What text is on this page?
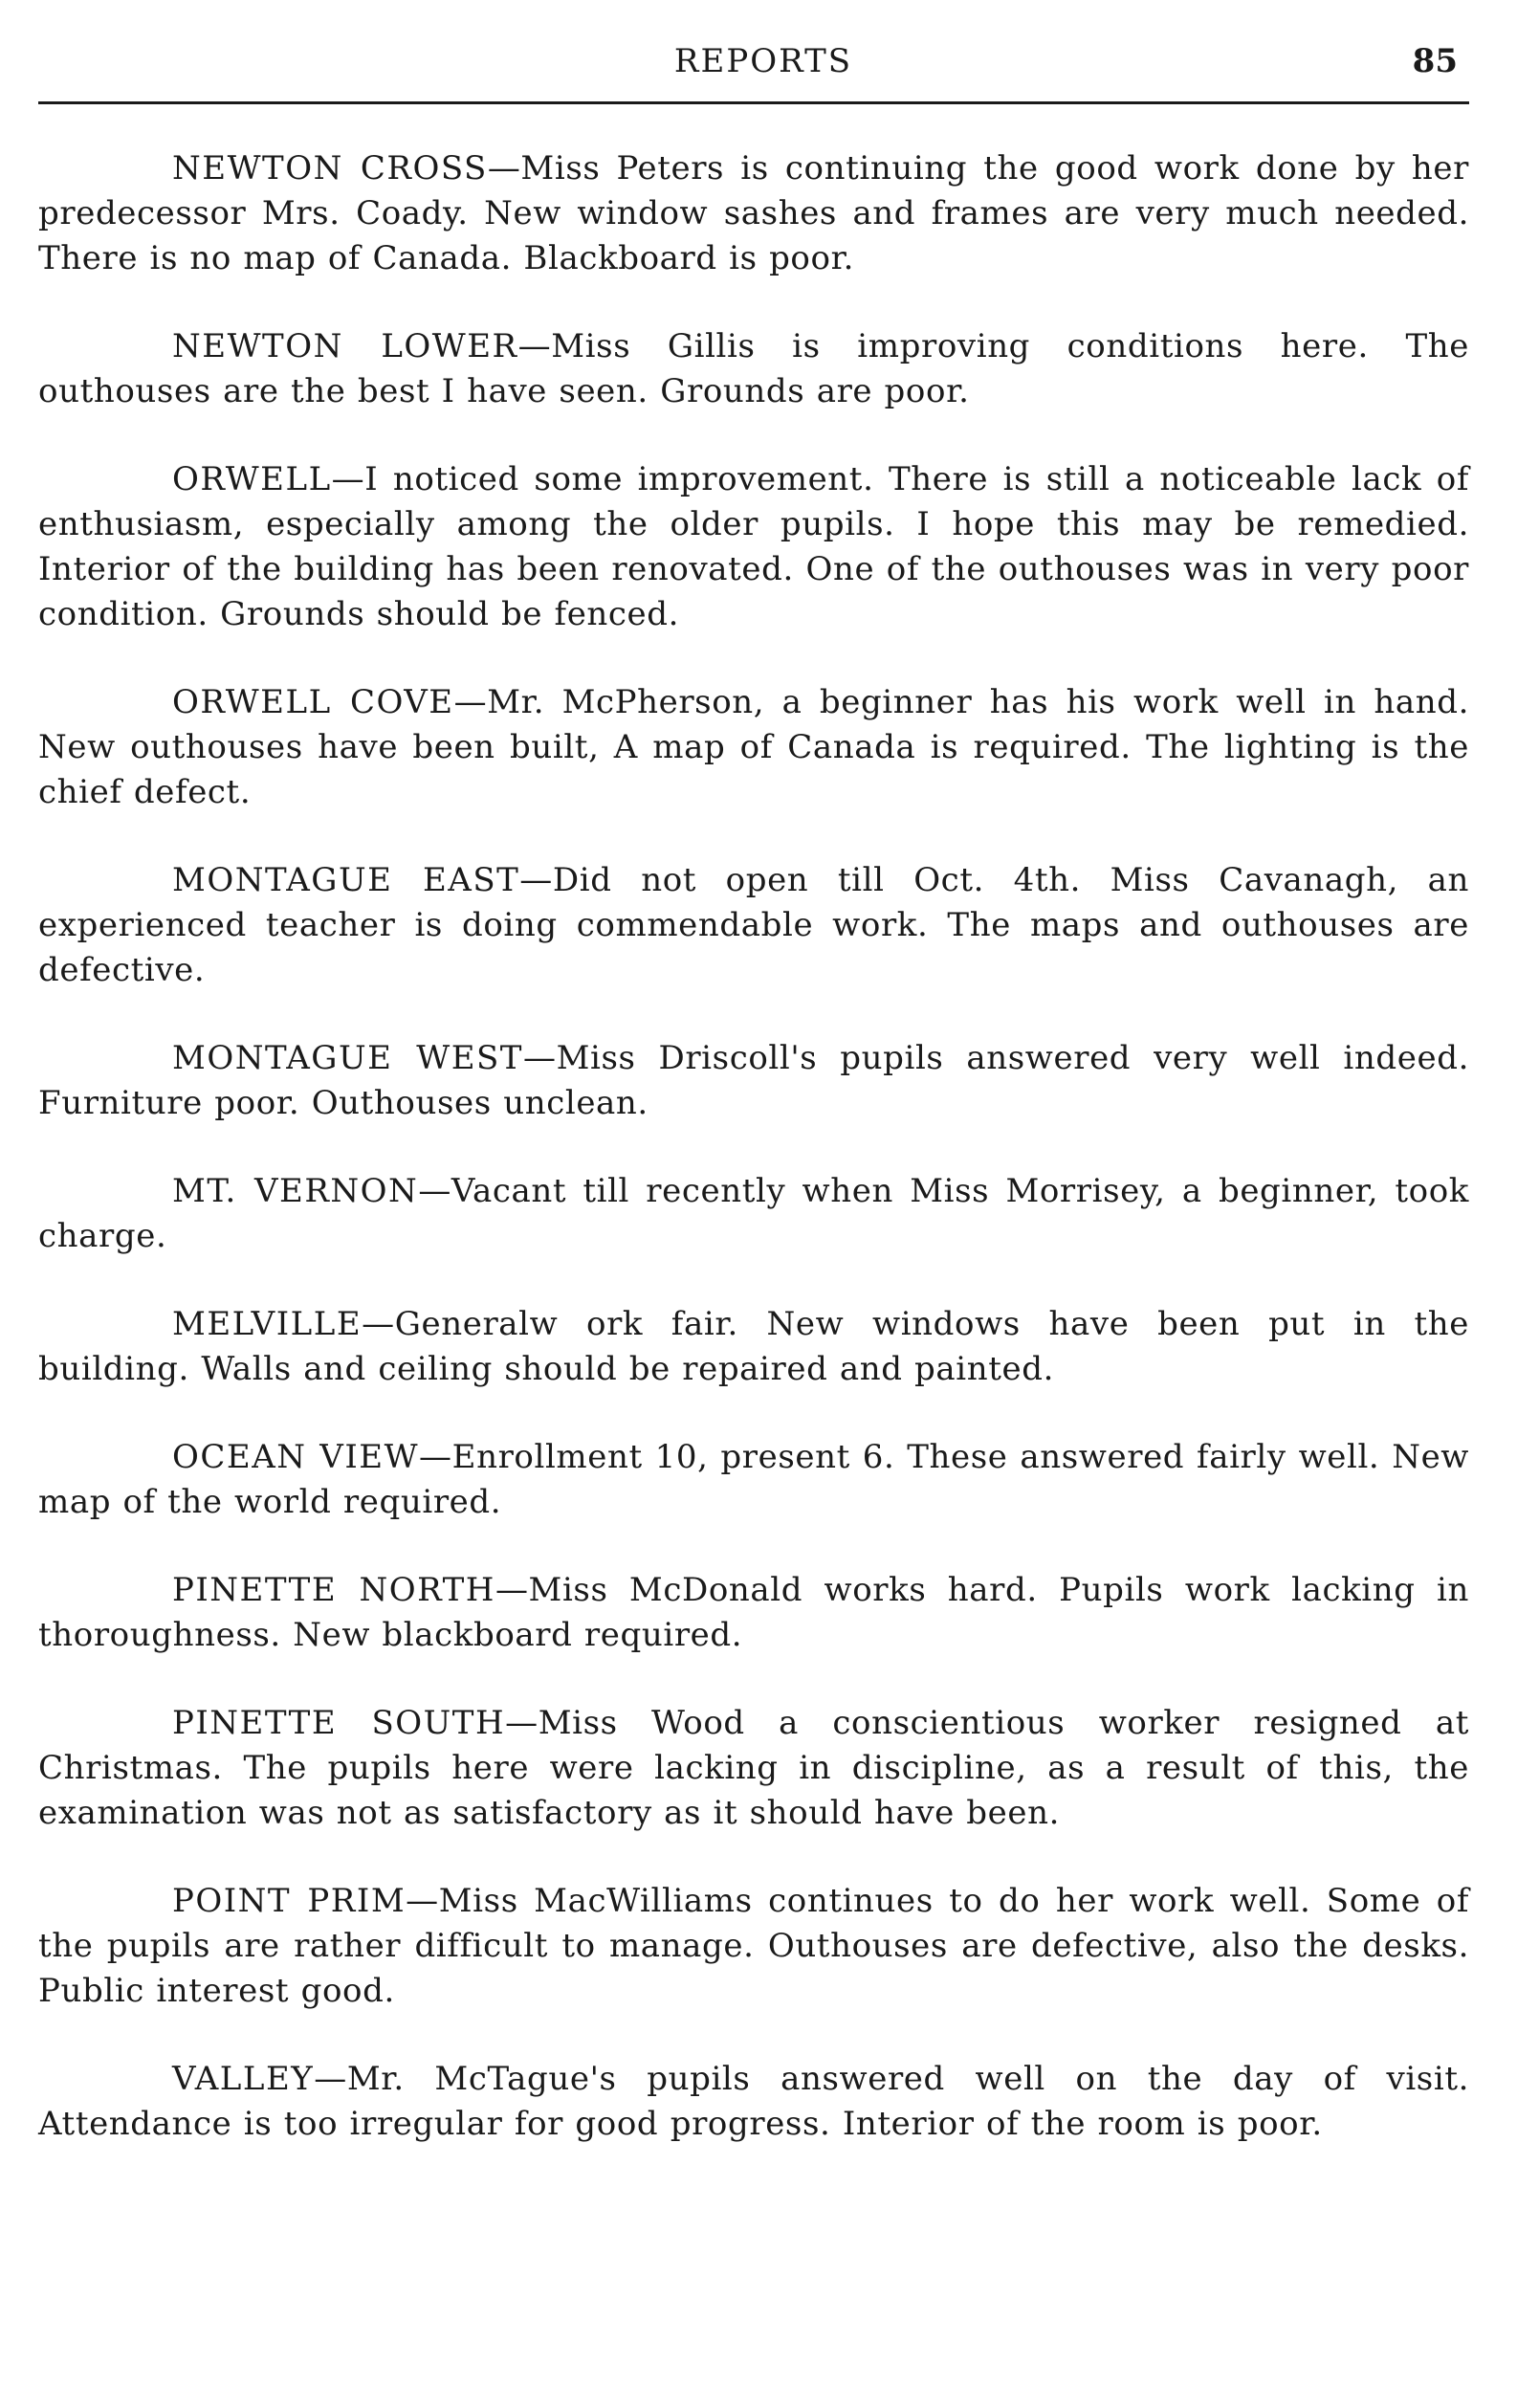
REPORTS	85

NEWTON CROSS—Miss Peters is continuing the good work done by her predecessor Mrs. Coady. New window sashes and frames are very much needed. There is no map of Canada. Blackboard is poor.

NEWTON LOWER—Miss Gillis is improving conditions here. The outhouses are the best I have seen. Grounds are poor.

ORWELL—I noticed some improvement. There is still a noticeable lack of enthusiasm, especially among the older pupils. I hope this may be remedied. Interior of the building has been renovated. One of the outhouses was in very poor condition. Grounds should be fenced.

ORWELL COVE—Mr. McPherson, a beginner has his work well in hand. New outhouses have been built, A map of Canada is required. The lighting is the chief defect.

MONTAGUE EAST—Did not open till Oct. 4th. Miss Cavanagh, an experienced teacher is doing commendable work. The maps and outhouses are defective.

MONTAGUE WEST—Miss Driscoll's pupils answered very well indeed. Furniture poor. Outhouses unclean.

MT. VERNON—Vacant till recently when Miss Morrisey, a beginner, took charge.

MELVILLE—Generalw ork fair. New windows have been put in the building. Walls and ceiling should be repaired and painted.

OCEAN VIEW—Enrollment 10, present 6. These answered fairly well. New map of the world required.

PINETTE NORTH—Miss McDonald works hard. Pupils work lacking in thoroughness. New blackboard required.

PINETTE SOUTH—Miss Wood a conscientious worker resigned at Christmas. The pupils here were lacking in discipline, as a result of this, the examination was not as satisfactory as it should have been.

POINT PRIM—Miss MacWilliams continues to do her work well. Some of the pupils are rather difficult to manage. Outhouses are defective, also the desks. Public interest good.

VALLEY—Mr. McTague's pupils answered well on the day of visit. Attendance is too irregular for good progress. Interior of the room is poor.
